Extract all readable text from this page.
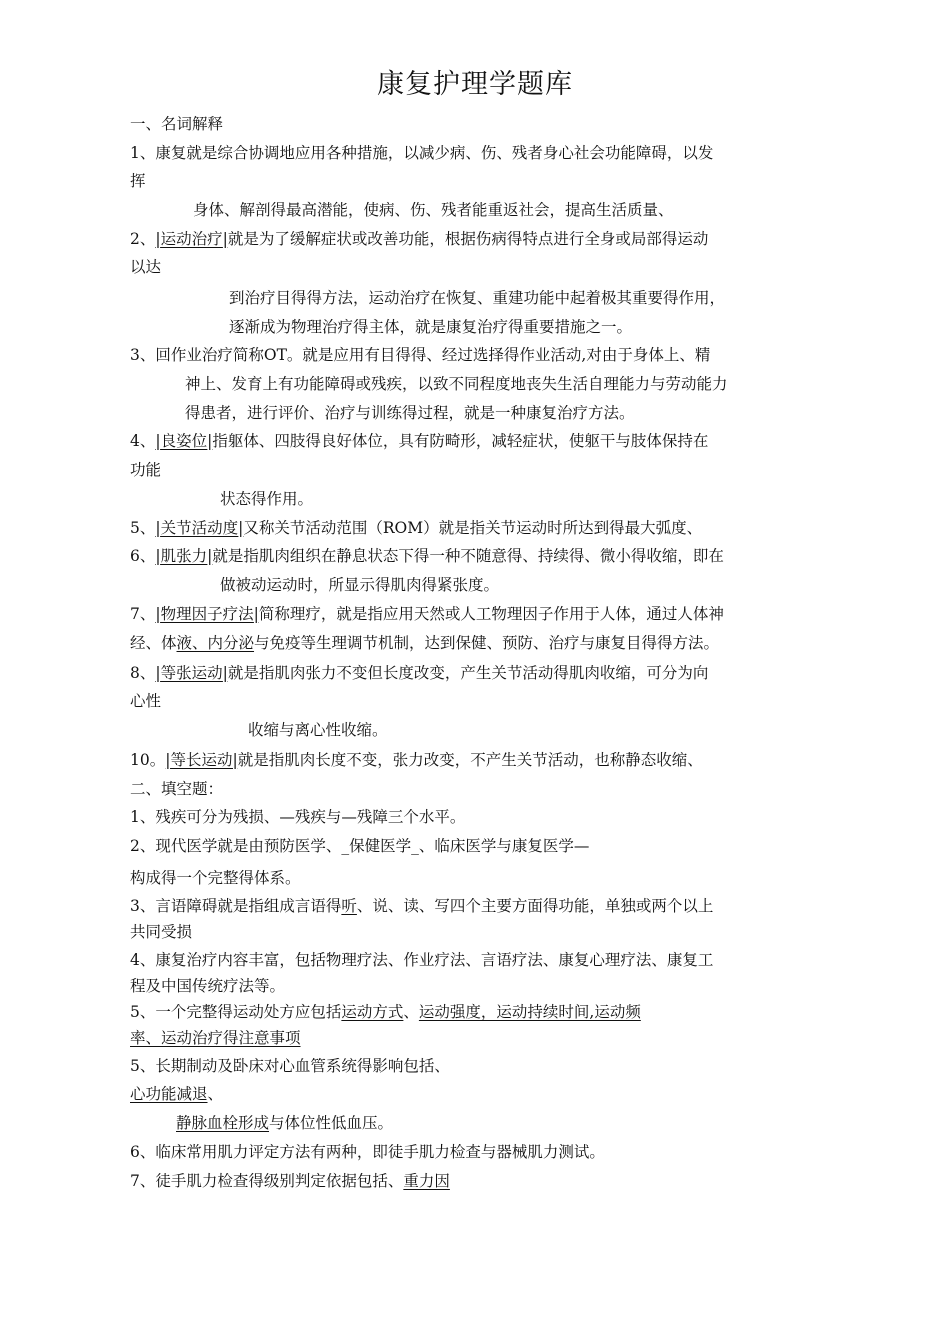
康复护理学题库
一、名词解释
1、康复就是综合协调地应用各种措施，以减少病、伤、残者身心社会功能障碍，以发
挥
身体、解剖得最高潜能，使病、伤、残者能重返社会，提高生活质量、
2、 | 运动治疗 | 就是为了缓解症状或改善功能，根据伤病得特点进行全身或局部得运动
以达
到治疗目得得方法，运动治疗在恢复、重建功能中起着极其重要得作用，
逐渐成为物理治疗得主体，就是康复治疗得重要措施之一。
3、回作业治疗简称OT。就是应用有目得得、经过选择得作业活动,对由于身体上、精
神上、发育上有功能障碍或残疾，以致不同程度地丧失生活自理能力与劳动能力
得患者，进行评价、治疗与训练得过程，就是一种康复治疗方法。
4、 | 良姿位 | 指躯体、四肢得良好体位，具有防畸形，减轻症状，使躯干与肢体保持在
功能
状态得作用。
5、 | 关节活动度 | 又称关节活动范围（ROM）就是指关节运动时所达到得最大弧度、
6、 | 肌张力 | 就是指肌肉组织在静息状态下得一种不随意得、持续得、微小得收缩，即在
做被动运动时，所显示得肌肉得紧张度。
7、 | 物理因子疗法 | 简称理疗，就是指应用天然或人工物理因子作用于人体，通过人体神
经、体液、内分泌与免疫等生理调节机制，达到保健、预防、治疗与康复目得得方法。
8、 | 等张运动 | 就是指肌肉张力不变但长度改变，产生关节活动得肌肉收缩，可分为向
心性
收缩与离心性收缩。
10。 | 等长运动 | 就是指肌肉长度不变，张力改变，不产生关节活动，也称静态收缩、
二、填空题：
1、残疾可分为残损、—残疾与—残障三个水平。
2、现代医学就是由预防医学、_保健医学_、临床医学与康复医学—
构成得一个完整得体系。
3、言语障碍就是指组成言语得听、说、读、写四个主要方面得功能，单独或两个以上
共同受损
4、康复治疗内容丰富，包括物理疗法、作业疗法、言语疗法、康复心理疗法、康复工
程及中国传统疗法等。
5、一个完整得运动处方应包括运动方式、运动强度，运动持续时间,运动频
率、运动治疗得注意事项
5、长期制动及卧床对心血管系统得影响包括、
心功能减退、
静脉血栓形成与体位性低血压。
6、临床常用肌力评定方法有两种，即徒手肌力检查与器械肌力测试。
7、徒手肌力检查得级别判定依据包括、重力因
